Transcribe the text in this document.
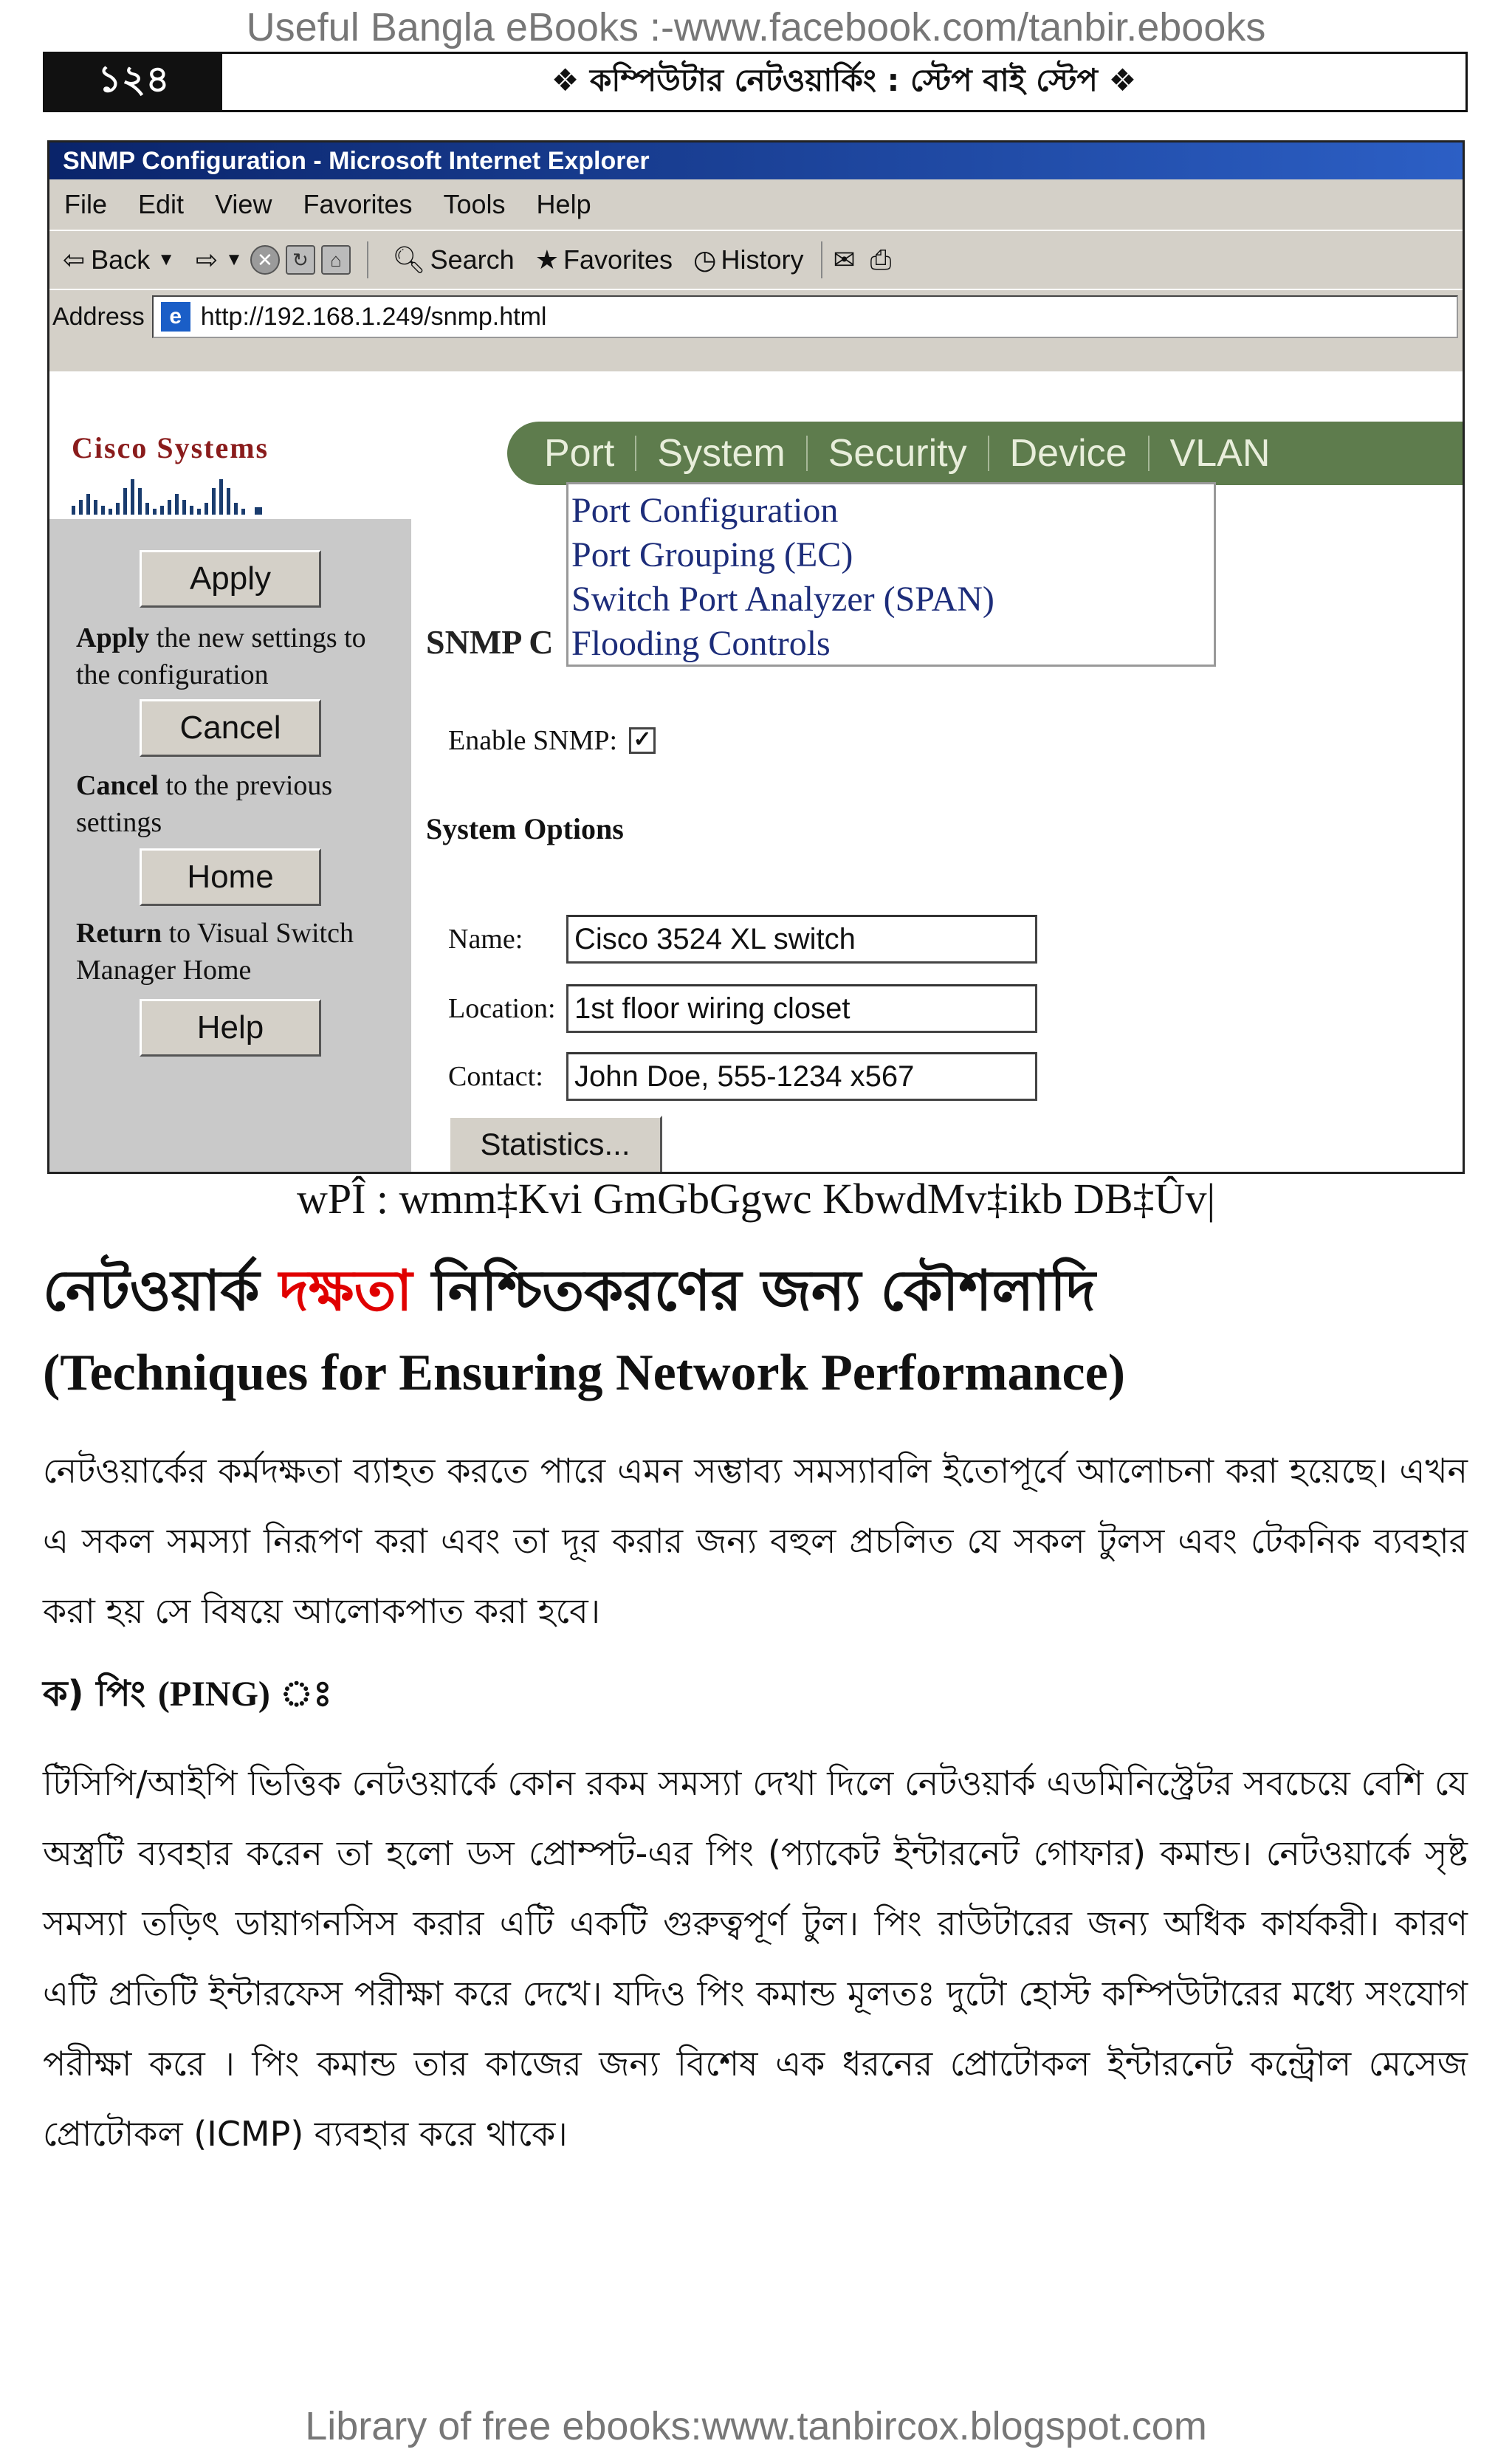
Useful Bangla eBooks :-www.facebook.com/tanbir.ebooks
১২৪	❖ কম্পিউটার নেটওয়ার্কিং : স্টেপ বাই স্টেপ ❖
SNMP Configuration - Microsoft Internet Explorer
File Edit View Favorites Tools Help
⇦ Back ▼ ⇨ ▼ ✕	↻	⌂	🔍︎ Search ★ Favorites ◷ History ✉ ⎙
Address	e http://192.168.1.249/snmp.html
Cisco Systems	Port System Security Device VLAN
Apply
Apply the new settings to the configuration
Cancel
Cancel to the previous settings
Home
Return to Visual Switch Manager Home
Help
SNMP C
Port Configuration
Port Grouping (EC)
Switch Port Analyzer (SPAN)
Flooding Controls
Enable SNMP: ✓
System Options
Name:	Cisco 3524 XL switch
Location: 1st floor wiring closet
Contact:	John Doe, 555-1234 x567
Statistics...
wPÎ : wmm‡Kvi GmGbGgwc KbwdMv‡ikb DB‡Ûv|
নেটওয়ার্ক দক্ষতা নিশ্চিতকরণের জন্য কৌশলাদি
(Techniques for Ensuring Network Performance)
নেটওয়ার্কের কর্মদক্ষতা ব্যাহত করতে পারে এমন সম্ভাব্য সমস্যাবলি ইতোপূর্বে আলোচনা করা হয়েছে। এখন এ সকল সমস্যা নিরূপণ করা এবং তা দূর করার জন্য বহুল প্রচলিত যে সকল টুলস এবং টেকনিক ব্যবহার করা হয় সে বিষয়ে আলোকপাত করা হবে।
ক) পিং (PING) ঃ
টিসিপি/আইপি ভিত্তিক নেটওয়ার্কে কোন রকম সমস্যা দেখা দিলে নেটওয়ার্ক এডমিনিস্ট্রেটর সবচেয়ে বেশি যে অস্ত্রটি ব্যবহার করেন তা হলো ডস প্রোম্পট-এর পিং (প্যাকেট ইন্টারনেট গোফার) কমান্ড। নেটওয়ার্কে সৃষ্ট সমস্যা তড়িৎ ডায়াগনসিস করার এটি একটি গুরুত্বপূর্ণ টুল। পিং রাউটারের জন্য অধিক কার্যকরী। কারণ এটি প্রতিটি ইন্টারফেস পরীক্ষা করে দেখে। যদিও পিং কমান্ড মূলতঃ দুটো হোস্ট কম্পিউটারের মধ্যে সংযোগ পরীক্ষা করে । পিং কমান্ড তার কাজের জন্য বিশেষ এক ধরনের প্রোটোকল ইন্টারনেট কন্ট্রোল মেসেজ প্রোটোকল (ICMP) ব্যবহার করে থাকে।
Library of free ebooks:www.tanbircox.blogspot.com
